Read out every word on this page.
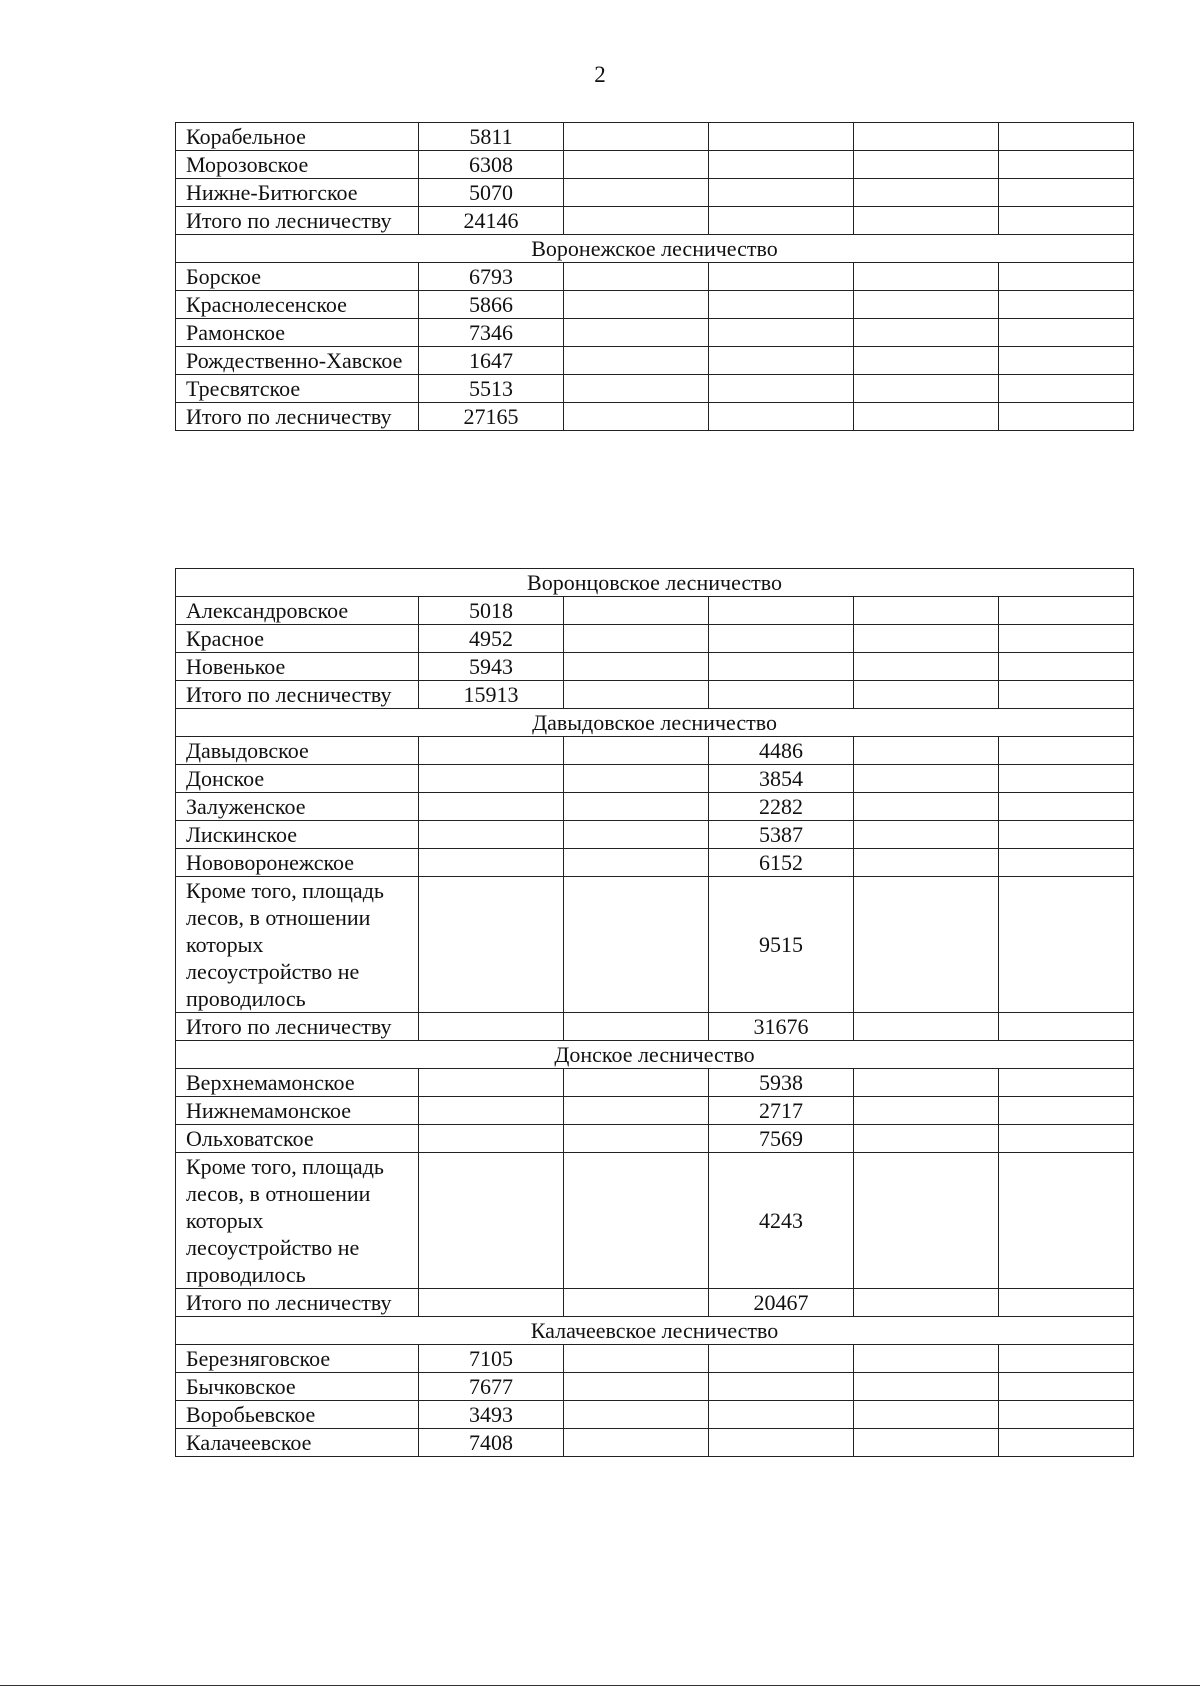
2
Корабельное	5811				
Морозовское	6308				
Нижне-Битюгское	5070				
Итого по лесничеству	24146				
Воронежское лесничество					
Борское	6793				
Краснолесенское	5866				
Рамонское	7346				
Рождественно-Хавское	1647				
Тресвятское	5513				
Итого по лесничеству	27165				
Воронцовское лесничество					
Александровское	5018				
Красное	4952				
Новенькое	5943				
Итого по лесничеству	15913				
Давыдовское лесничество					
Давыдовское			4486		
Донское			3854		
Залуженское			2282		
Лискинское			5387		
Нововоронежское			6152		
Кроме того, площадь лесов, в отношении которых лесоустройство не проводилось			9515		
Итого по лесничеству			31676		
Донское лесничество					
Верхнемамонское			5938		
Нижнемамонское			2717		
Ольховатское			7569		
Кроме того, площадь лесов, в отношении которых лесоустройство не проводилось			4243		
Итого по лесничеству			20467		
Калачеевское лесничество					
Березняговское	7105				
Бычковское	7677				
Воробьевское	3493				
Калачеевское	7408				
